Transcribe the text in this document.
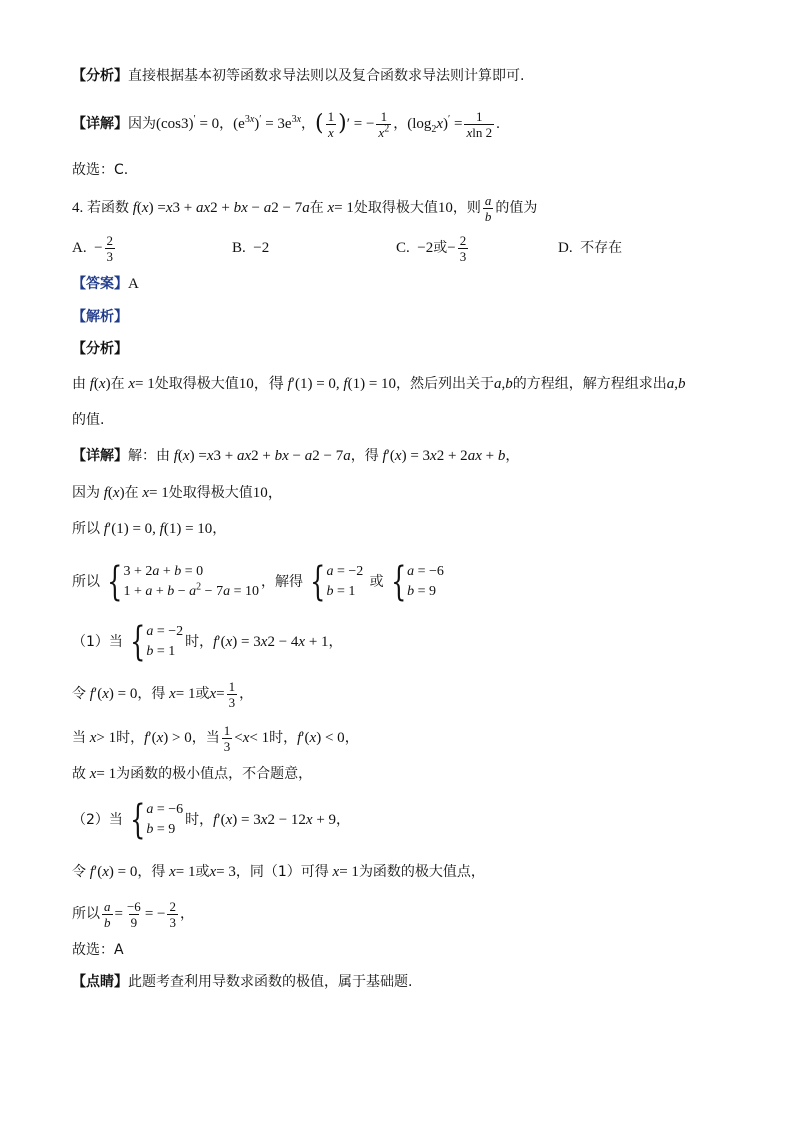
【分析】 直接根据基本初等函数求导法则以及复合函数求导法则计算即可.
【详解】 因为 (cos3)′ = 0 ， $(e^{3x})' = 3e^{3x}$ ， ( $\frac{1}{x}$ ) ′ = − $\frac{1}{x^2}$ ， $(\log_2x)' = \frac{1}{xln 2}$ .
故选：C.
4. 若函数 f ( x ) = x 3 + ax 2 + bx − a 2 − 7 a 在 x = 1 处取得极大值 10 ，则 $\frac{a}{b}$ 的值为
A.  − $\frac{2}{3}$	B.  −2	C.  −2 或 − $\frac{2}{3}$	D. 不存在
【答案】 A
【解析】
【分析】
由 f ( x ) 在 x = 1 处取得极大值 10，得 f ′(1) = 0, f (1) = 10 ，然后列出关于 a , b 的方程组，解方程组求出 a , b
的值.
【详解】 解：由 f ( x ) = x 3 + ax 2 + bx − a 2 − 7 a ，得 f ′( x ) = 3 x 2 + 2 ax + b ，
因为 f ( x ) 在 x = 1 处取得极大值 10，
所以 f ′(1) = 0, f (1) = 10 ，
所以 { 3 + 2a + b = 0
$1 + a + b - a^2 - 7a = 10$
，解得 { a = −2
b = 1
或 { a = −6
b = 9
（1）当 { a = −2
b = 1
时， f ′( x ) = 3 x 2 − 4 x + 1 ，
令 f ′( x ) = 0 ，得 x = 1 或 $x = \frac{1}{3}$ ，
当 x > 1 时， f ′( x ) > 0 ，当 $\frac{1}{3} < x < 1$ 时， f ′( x ) < 0 ，
故 x = 1 为函数的极小值点，不合题意，
（2）当 { a = −6
b = 9
时， f ′( x ) = 3 x 2 − 12 x + 9 ，
令 f ′( x ) = 0 ，得 x = 1 或 x = 3 ，同（1）可得 x = 1 为函数的极大值点，
所以 $\frac{a}{b} = \frac{-6}{9}$ = − $\frac{2}{3}$ ，
故选：A
【点睛】 此题考查利用导数求函数的极值，属于基础题.
